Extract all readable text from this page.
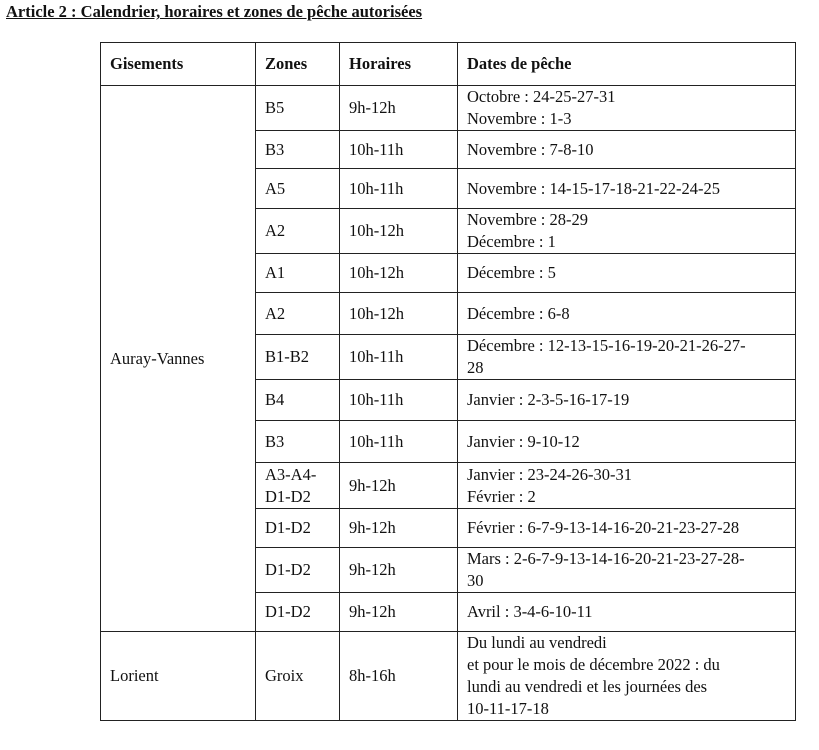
Article 2 : Calendrier, horaires et zones de pêche autorisées
Gisements	Zones	Horaires	Dates de pêche
Auray-Vannes	B5	9h-12h	Octobre : 24-25-27-31
Novembre : 1-3

	B3	10h-11h	Novembre : 7-8-10

	A5	10h-11h	Novembre : 14-15-17-18-21-22-24-25

	A2	10h-12h	Novembre : 28-29
Décembre : 1

	A1	10h-12h	Décembre : 5

	A2	10h-12h	Décembre : 6-8

	B1-B2	10h-11h	Décembre : 12-13-15-16-19-20-21-26-27-
28

	B4	10h-11h	Janvier : 2-3-5-16-17-19

	B3	10h-11h	Janvier : 9-10-12

	A3-A4-
D1-D2	9h-12h	Janvier : 23-24-26-30-31
Février : 2

	D1-D2	9h-12h	Février : 6-7-9-13-14-16-20-21-23-27-28

	D1-D2	9h-12h	Mars : 2-6-7-9-13-14-16-20-21-23-27-28-
30

	D1-D2	9h-12h	Avril : 3-4-6-10-11

Lorient	Groix	8h-16h	Du lundi au vendredi
et pour le mois de décembre 2022 : du
lundi au vendredi et les journées des
10-11-17-18
